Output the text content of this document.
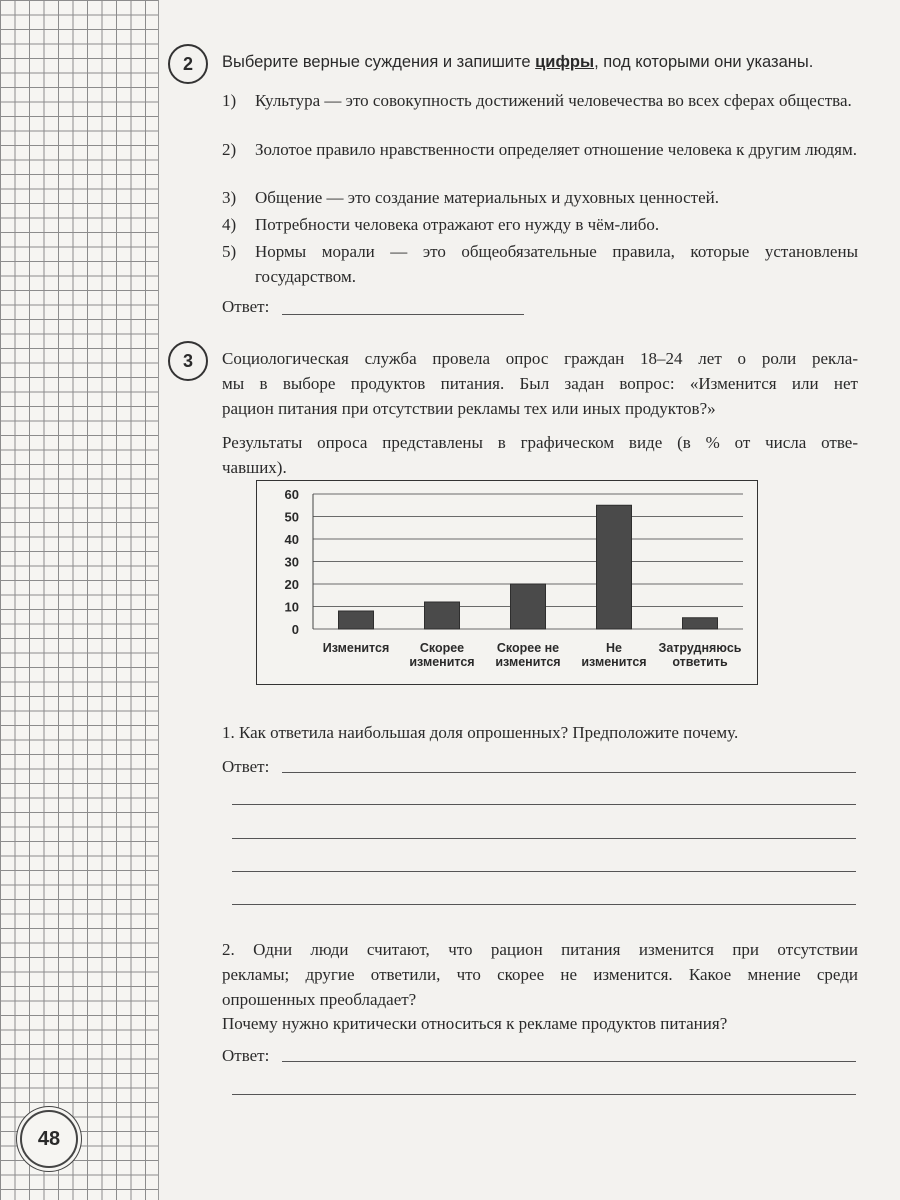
2	Выберите верные суждения и запишите цифры, под которыми они указаны.
1)	Культура — это совокупность достижений человечества во всех сферах общества.
2)	Золотое правило нравственности определяет отношение человека к другим людям.
3)	Общение — это создание материальных и духовных ценностей.
4)	Потребности человека отражают его нужду в чём-либо.
5)	Нормы морали — это общеобязательные правила, которые установлены государством.
Ответ:
3	Социологическая служба провела опрос граждан 18–24 лет о роли рекла-
мы в выборе продуктов питания. Был задан вопрос: «Изменится или нет
рацион питания при отсутствии рекламы тех или иных продуктов?»
Результаты опроса представлены в графическом виде (в % от числа отве-
чавших).
0
10
20
30
40
50
60
Изменится Скорее
изменится
Скорее не
изменится
Не
изменится
Затрудняюсь
ответить
1. Как ответила наибольшая доля опрошенных? Предположите почему.
Ответ:
2. Одни люди считают, что рацион питания изменится при отсутствии
рекламы; другие ответили, что скорее не изменится. Какое мнение среди
опрошенных преобладает?
Почему нужно критически относиться к рекламе продуктов питания?
Ответ:
48
